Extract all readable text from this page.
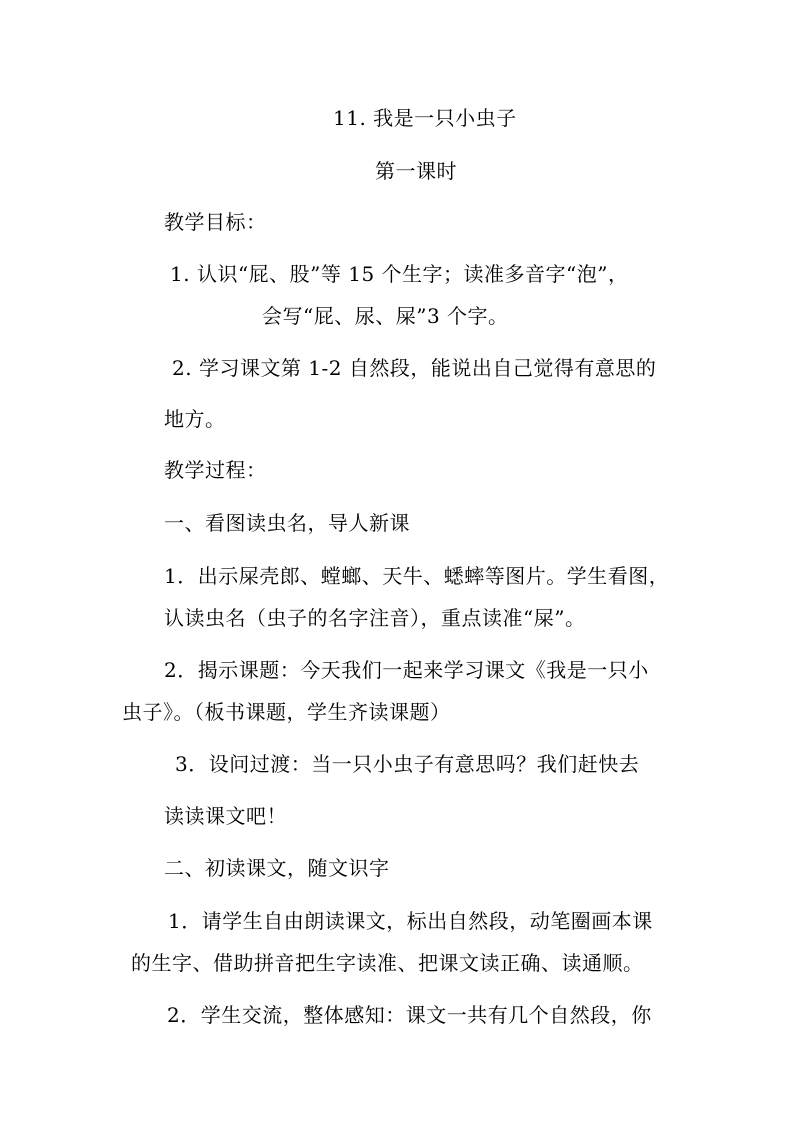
11. 我是一只小虫子
第一课时
教学目标：
1. 认识“屁、股”等 15 个生字；读准多音字“泡”，
会写“屁、尿、屎”3 个字。
2. 学习课文第 1-2 自然段，能说出自己觉得有意思的
地方。
教学过程：
一、看图读虫名，导人新课
1．出示屎壳郎、螳螂、天牛、蟋蟀等图片。学生看图，
认读虫名（虫子的名字注音），重点读准“屎”。
2．揭示课题：今天我们一起来学习课文《我是一只小
虫子》。（板书课题，学生齐读课题）
3．设问过渡：当一只小虫子有意思吗？我们赶快去
读读课文吧！
二、初读课文，随文识字
1．请学生自由朗读课文，标出自然段，动笔圈画本课
的生字、借助拼音把生字读准、把课文读正确、读通顺。
2．学生交流，整体感知：课文一共有几个自然段，你
